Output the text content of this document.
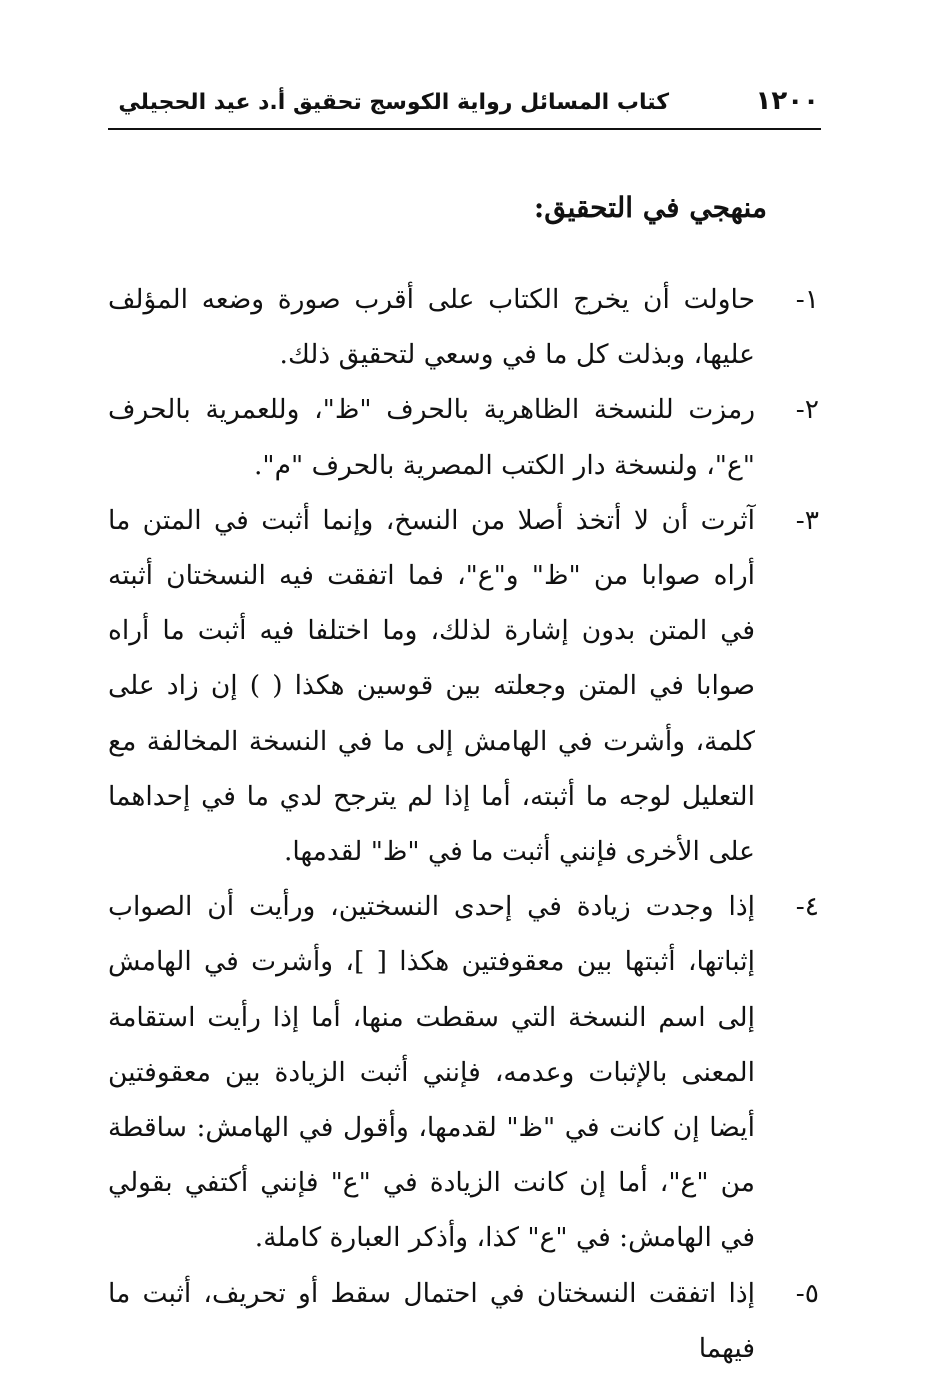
١٢٠٠
كتاب المسائل رواية الكوسج تحقيق أ.د عيد الحجيلي
منهجي في التحقيق:
١-
حاولت أن يخرج الكتاب على أقرب صورة وضعه المؤلف عليها، وبذلت كل ما في وسعي لتحقيق ذلك.
٢-
رمزت للنسخة الظاهرية بالحرف "ظ"، وللعمرية بالحرف "ع"، ولنسخة دار الكتب المصرية بالحرف "م".
٣-
آثرت أن لا أتخذ أصلا من النسخ، وإنما أثبت في المتن ما أراه صوابا من "ظ" و"ع"، فما اتفقت فيه النسختان أثبته في المتن بدون إشارة لذلك، وما اختلفا فيه أثبت ما أراه صوابا في المتن وجعلته بين قوسين هكذا ( ) إن زاد على كلمة، وأشرت في الهامش إلى ما في النسخة المخالفة مع التعليل لوجه ما أثبته، أما إذا لم يترجح لدي ما في إحداهما على الأخرى فإنني أثبت ما في "ظ" لقدمها.
٤-
إذا وجدت زيادة في إحدى النسختين، ورأيت أن الصواب إثباتها، أثبتها بين معقوفتين هكذا [ ]، وأشرت في الهامش إلى اسم النسخة التي سقطت منها، أما إذا رأيت استقامة المعنى بالإثبات وعدمه، فإنني أثبت الزيادة بين معقوفتين أيضا إن كانت في "ظ" لقدمها، وأقول في الهامش: ساقطة من "ع"، أما إن كانت الزيادة في "ع" فإنني أكتفي بقولي في الهامش: في "ع" كذا، وأذكر العبارة كاملة.
٥-
إذا اتفقت النسختان في احتمال سقط أو تحريف، أثبت ما فيهما
